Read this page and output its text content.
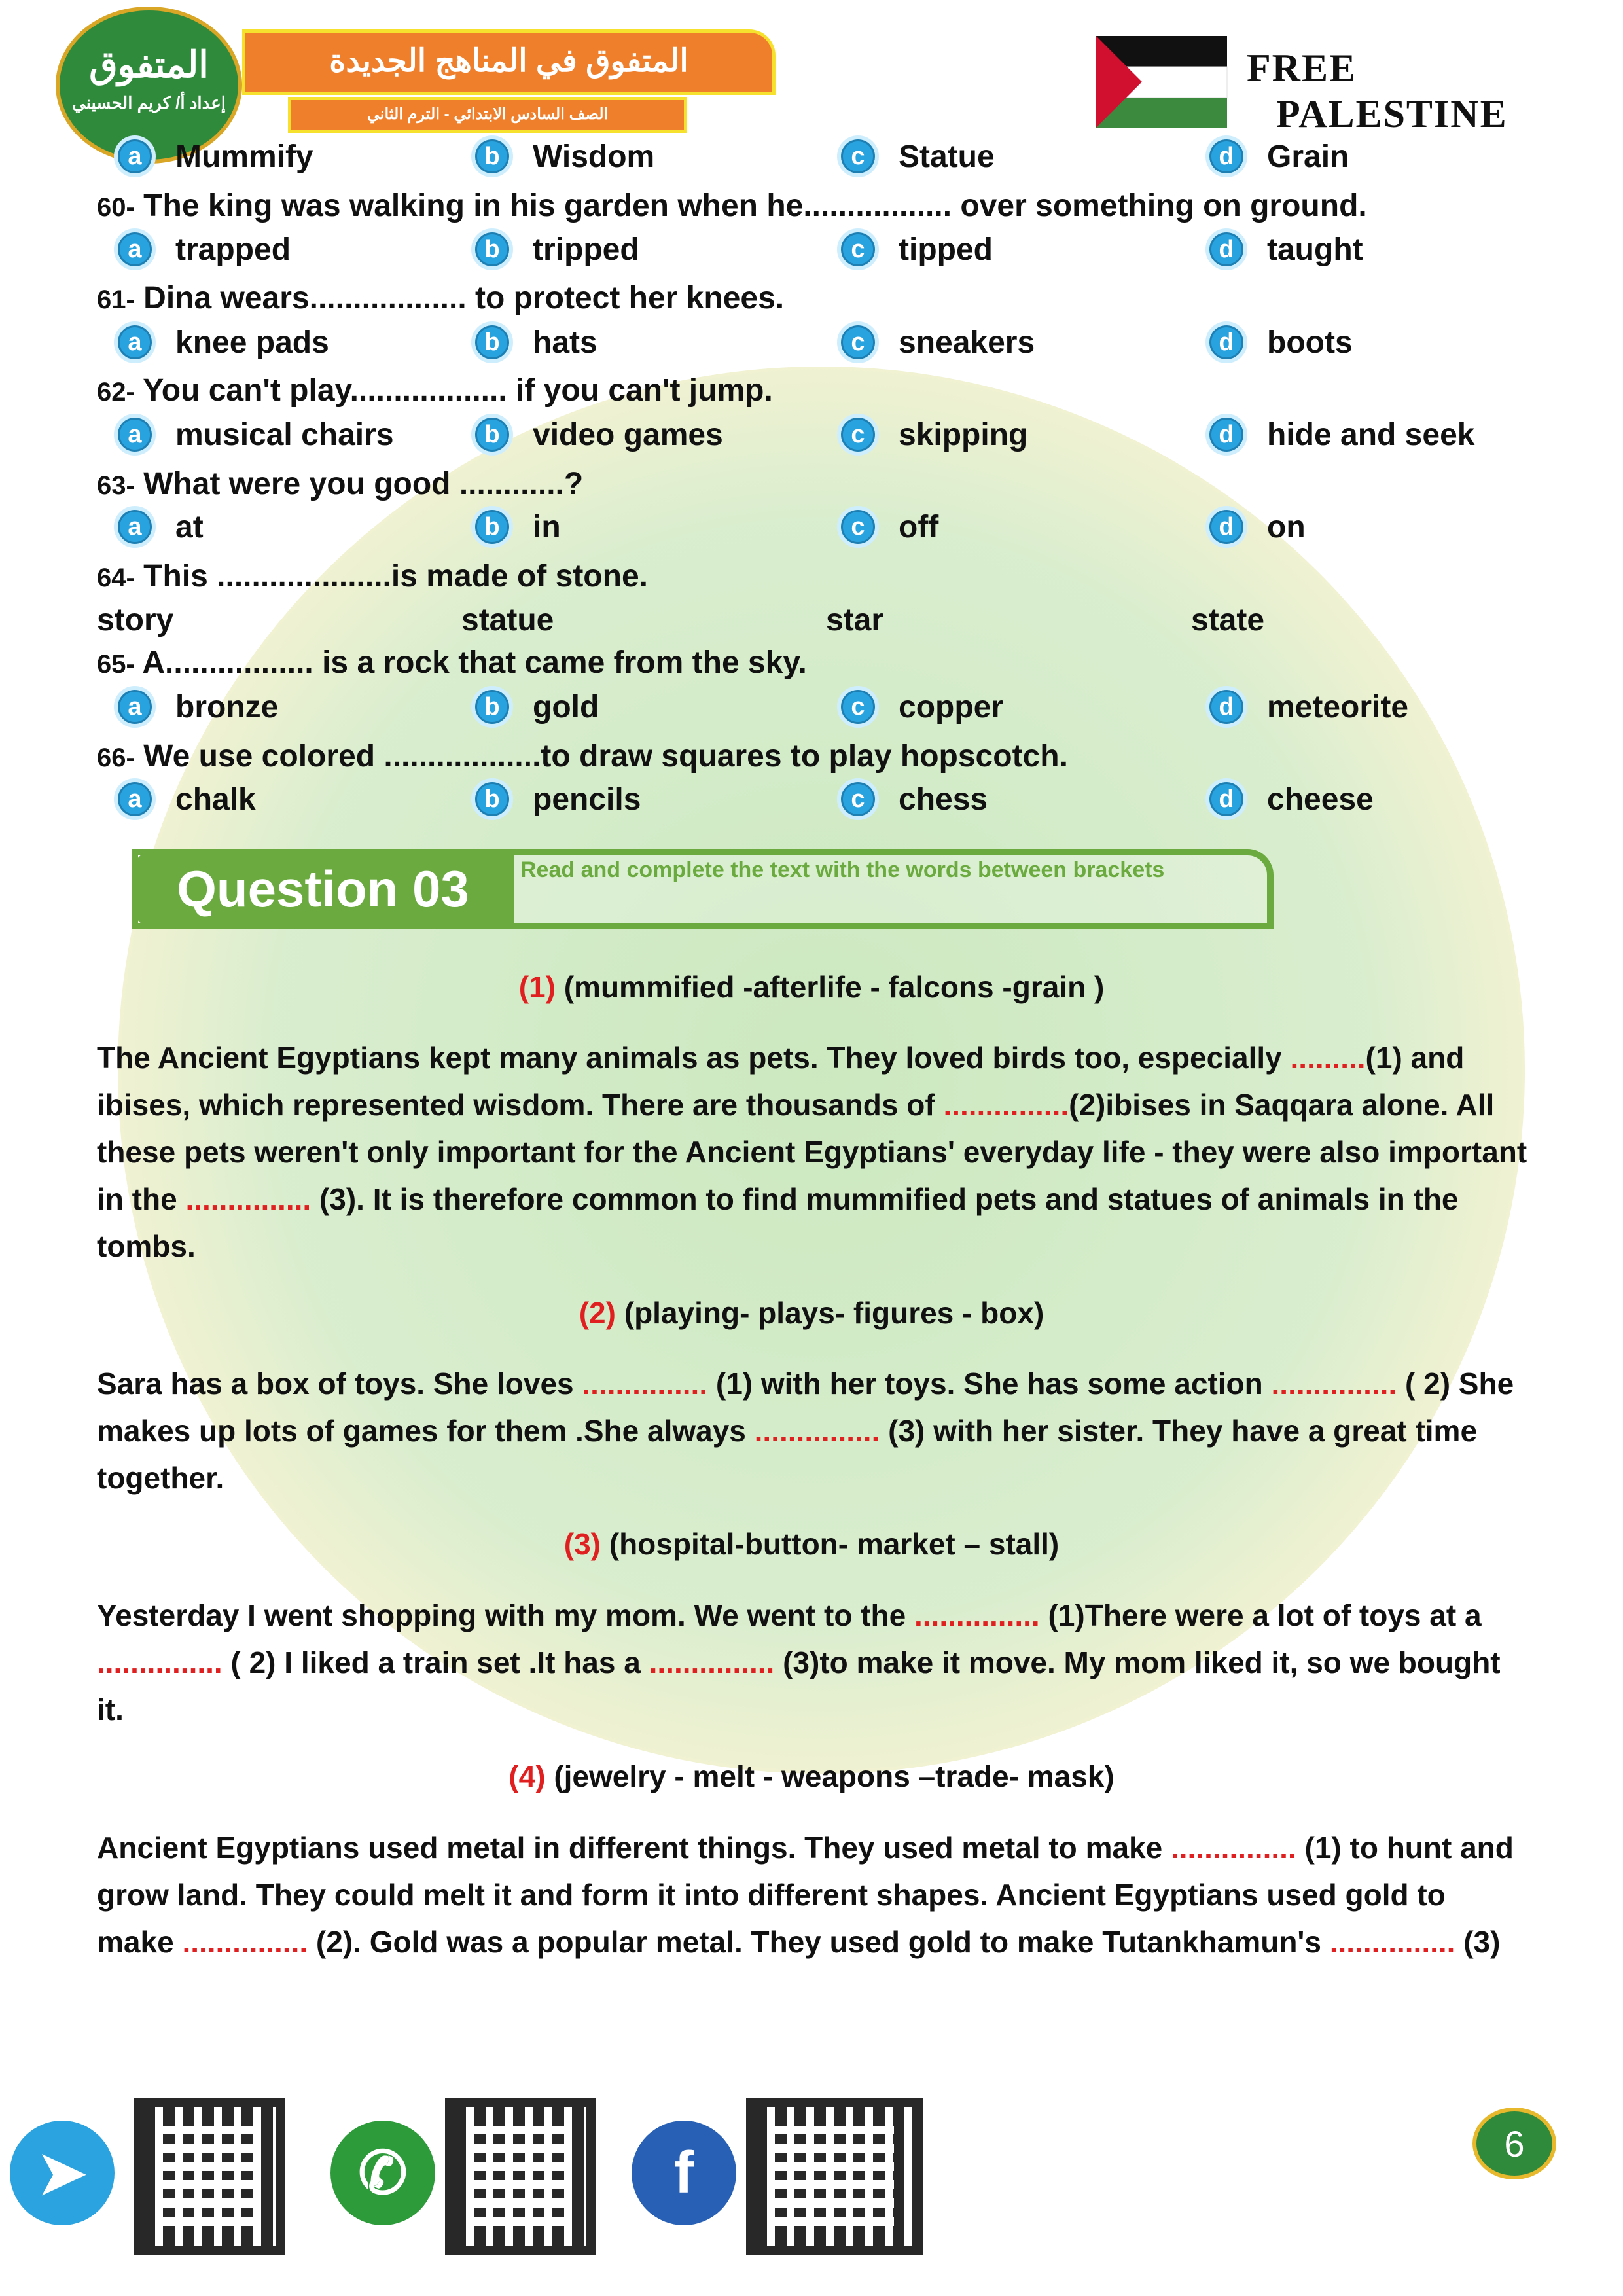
المتفوق
إعداد أ/ كريم الحسيني
المتفوق في المناهج الجديدة
الصف السادس الابتدائي - الترم الثاني
FREE
PALESTINE
a	Mummify	b	Wisdom	c	Statue	d	Grain
60- The king was walking in his garden when he................. over something on ground.
a	trapped	b	tripped	c	tipped	d	taught
61- Dina wears.................. to protect her knees.
a	knee pads	b	hats	c	sneakers	d	boots
62- You can't play.................. if you can't jump.
a	musical chairs	b	video games	c	skipping	d	hide and seek
63- What were you good ............?
a	at	b	in	c	off	d	on
64- This ....................is made of stone.
story	statue	star	state
65- A................. is a rock that came from the sky.
a	bronze	b	gold	c	copper	d	meteorite
66- We use colored ..................to draw squares to play hopscotch.
a	chalk	b	pencils	c	chess	d	cheese
Question 03	Read and complete the text with the words between brackets
(1) (mummified -afterlife - falcons -grain )
The Ancient Egyptians kept many animals as pets. They loved birds too, especially .........(1) and ibises, which represented wisdom. There are thousands of ...............(2)ibises in Saqqara alone. All these pets weren't only important for the Ancient Egyptians' everyday life - they were also important in the ............... (3). It is therefore common to find mummified pets and statues of animals in the tombs.
(2) (playing- plays- figures - box)
Sara has a box of toys. She loves ............... (1) with her toys. She has some action ............... ( 2) She makes up lots of games for them .She always ............... (3) with her sister. They have a great time together.
(3) (hospital-button- market – stall)
Yesterday I went shopping with my mom. We went to the ............... (1)There were a lot of toys at a ............... ( 2) I liked a train set .It has a ............... (3)to make it move. My mom liked it, so we bought it.
(4) (jewelry - melt - weapons –trade- mask)
Ancient Egyptians used metal in different things. They used metal to make ............... (1) to hunt and grow land. They could melt it and form it into different shapes. Ancient Egyptians used gold to make ............... (2). Gold was a popular metal. They used gold to make Tutankhamun's ............... (3)
➤	✆	f	6
